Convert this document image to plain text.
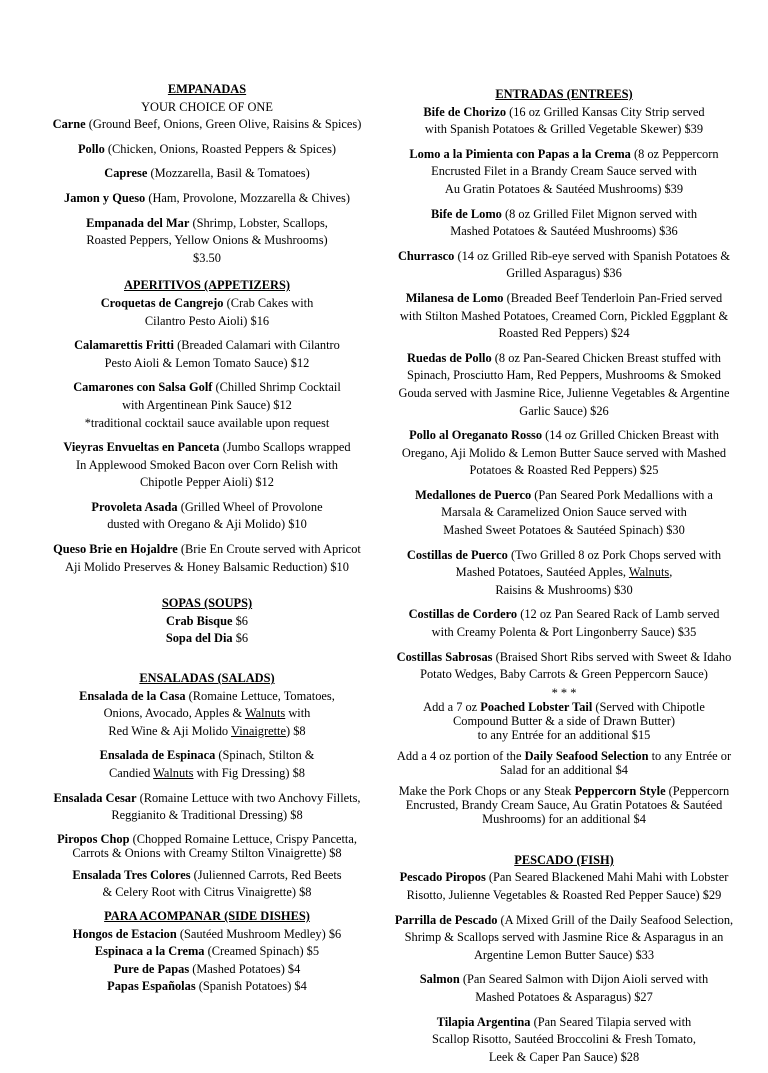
EMPANADAS
YOUR CHOICE OF ONE
Carne (Ground Beef, Onions, Green Olive, Raisins & Spices)
Pollo (Chicken, Onions, Roasted Peppers & Spices)
Caprese (Mozzarella, Basil & Tomatoes)
Jamon y Queso (Ham, Provolone, Mozzarella & Chives)
Empanada del Mar (Shrimp, Lobster, Scallops,
Roasted Peppers, Yellow Onions & Mushrooms)
$3.50
APERITIVOS (APPETIZERS)
Croquetas de Cangrejo (Crab Cakes with
Cilantro Pesto Aioli) $16
Calamarettis Fritti (Breaded Calamari with Cilantro
Pesto Aioli & Lemon Tomato Sauce) $12
Camarones con Salsa Golf (Chilled Shrimp Cocktail
with Argentinean Pink Sauce) $12
*traditional cocktail sauce available upon request
Vieyras Envueltas en Panceta (Jumbo Scallops wrapped
In Applewood Smoked Bacon over Corn Relish with
Chipotle Pepper Aioli) $12
Provoleta Asada (Grilled Wheel of Provolone
dusted with Oregano & Aji Molido) $10
Queso Brie en Hojaldre (Brie En Croute served with Apricot
Aji Molido Preserves & Honey Balsamic Reduction) $10
SOPAS (SOUPS)
Crab Bisque $6
Sopa del Dia $6
ENSALADAS (SALADS)
Ensalada de la Casa (Romaine Lettuce, Tomatoes,
Onions, Avocado, Apples & Walnuts with
Red Wine & Aji Molido Vinaigrette) $8
Ensalada de Espinaca (Spinach, Stilton &
Candied Walnuts with Fig Dressing) $8
Ensalada Cesar (Romaine Lettuce with two Anchovy Fillets,
Reggianito & Traditional Dressing) $8
Piropos Chop (Chopped Romaine Lettuce, Crispy Pancetta,
Carrots & Onions with Creamy Stilton Vinaigrette) $8
Ensalada Tres Colores (Julienned Carrots, Red Beets
& Celery Root with Citrus Vinaigrette) $8
PARA ACOMPANAR (SIDE DISHES)
Hongos de Estacion (Sautéed Mushroom Medley) $6
Espinaca a la Crema (Creamed Spinach) $5
Pure de Papas (Mashed Potatoes) $4
Papas Españolas (Spanish Potatoes) $4
ENTRADAS (ENTREES)
Bife de Chorizo (16 oz Grilled Kansas City Strip served
with Spanish Potatoes & Grilled Vegetable Skewer) $39
Lomo a la Pimienta con Papas a la Crema (8 oz Peppercorn
Encrusted Filet in a Brandy Cream Sauce served with
Au Gratin Potatoes & Sautéed Mushrooms) $39
Bife de Lomo (8 oz Grilled Filet Mignon served with
Mashed Potatoes & Sautéed Mushrooms) $36
Churrasco (14 oz Grilled Rib-eye served with Spanish Potatoes &
Grilled Asparagus) $36
Milanesa de Lomo (Breaded Beef Tenderloin Pan-Fried served
with Stilton Mashed Potatoes, Creamed Corn, Pickled Eggplant &
Roasted Red Peppers) $24
Ruedas de Pollo (8 oz Pan-Seared Chicken Breast stuffed with
Spinach, Prosciutto Ham, Red Peppers, Mushrooms & Smoked
Gouda served with Jasmine Rice, Julienne Vegetables & Argentine
Garlic Sauce) $26
Pollo al Oreganato Rosso (14 oz Grilled Chicken Breast with
Oregano, Aji Molido & Lemon Butter Sauce served with Mashed
Potatoes & Roasted Red Peppers) $25
Medallones de Puerco (Pan Seared Pork Medallions with a
Marsala & Caramelized Onion Sauce served with
Mashed Sweet Potatoes & Sautéed Spinach) $30
Costillas de Puerco (Two Grilled 8 oz Pork Chops served with
Mashed Potatoes, Sautéed Apples, Walnuts,
Raisins & Mushrooms) $30
Costillas de Cordero (12 oz Pan Seared Rack of Lamb served
with Creamy Polenta & Port Lingonberry Sauce) $35
Costillas Sabrosas (Braised Short Ribs served with Sweet & Idaho
Potato Wedges, Baby Carrots & Green Peppercorn Sauce)
* * *
Add a 7 oz Poached Lobster Tail (Served with Chipotle
Compound Butter & a side of Drawn Butter)
to any Entrée for an additional $15
Add a 4 oz portion of the Daily Seafood Selection to any Entrée or
Salad for an additional $4
Make the Pork Chops or any Steak Peppercorn Style (Peppercorn
Encrusted, Brandy Cream Sauce, Au Gratin Potatoes & Sautéed
Mushrooms) for an additional $4
PESCADO (FISH)
Pescado Piropos (Pan Seared Blackened Mahi Mahi with Lobster
Risotto, Julienne Vegetables & Roasted Red Pepper Sauce) $29
Parrilla de Pescado (A Mixed Grill of the Daily Seafood Selection,
Shrimp & Scallops served with Jasmine Rice & Asparagus in an
Argentine Lemon Butter Sauce) $33
Salmon (Pan Seared Salmon with Dijon Aioli served with
Mashed Potatoes & Asparagus) $27
Tilapia Argentina (Pan Seared Tilapia served with
Scallop Risotto, Sautéed Broccolini & Fresh Tomato,
Leek & Caper Pan Sauce) $28
